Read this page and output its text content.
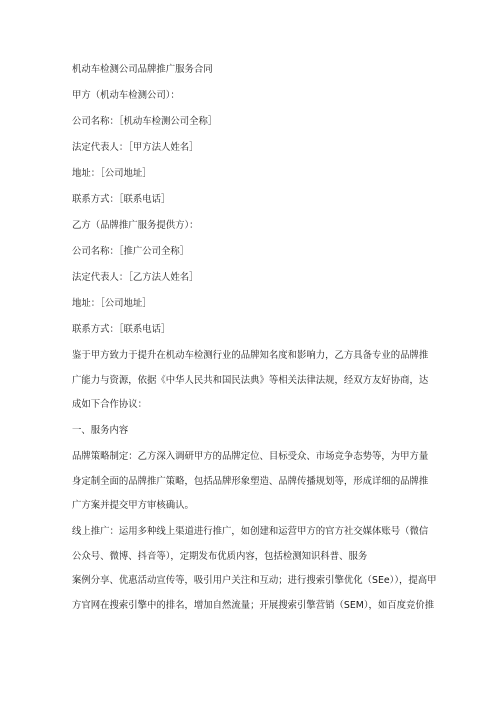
机动车检测公司品牌推广服务合同

甲方（机动车检测公司）：

公司名称：［机动车检测公司全称］

法定代表人：［甲方法人姓名］

地址：［公司地址］

联系方式：［联系电话］

乙方（品牌推广服务提供方）：

公司名称：［推广公司全称］

法定代表人：［乙方法人姓名］

地址：［公司地址］

联系方式：［联系电话］

鉴于甲方致力于提升在机动车检测行业的品牌知名度和影响力，乙方具备专业的品牌推

广能力与资源，依据《中华人民共和国民法典》等相关法律法规，经双方友好协商，达

成如下合作协议：

一、服务内容

品牌策略制定：乙方深入调研甲方的品牌定位、目标受众、市场竞争态势等，为甲方量

身定制全面的品牌推广策略，包括品牌形象塑造、品牌传播规划等，形成详细的品牌推

广方案并提交甲方审核确认。

线上推广：运用多种线上渠道进行推广，如创建和运营甲方的官方社交媒体账号（微信

公众号、微博、抖音等），定期发布优质内容，包括检测知识科普、服务

案例分享、优惠活动宣传等，吸引用户关注和互动；进行搜索引擎优化（SEe）），提高甲

方官网在搜索引擎中的排名，增加自然流量；开展搜索引擎营销（SEM），如百度竞价推
